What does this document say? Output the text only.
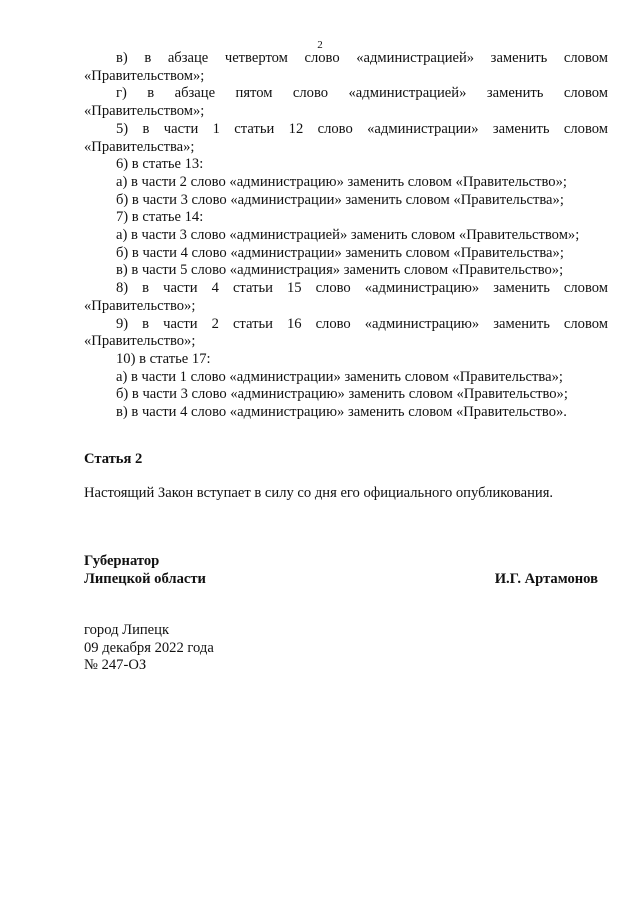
2

в) в абзаце четвертом слово «администрацией» заменить словом

«Правительством»;

г) в абзаце пятом слово «администрацией» заменить словом

«Правительством»;

5) в части 1 статьи 12 слово «администрации» заменить словом

«Правительства»;

6) в статье 13:

а) в части 2 слово «администрацию» заменить словом «Правительство»;

б) в части 3 слово «администрации» заменить словом «Правительства»;

7) в статье 14:

а) в части 3 слово «администрацией» заменить словом «Правительством»;

б) в части 4 слово «администрации» заменить словом «Правительства»;

в) в части 5 слово «администрация» заменить словом «Правительство»;

8) в части 4 статьи 15 слово «администрацию» заменить словом

«Правительство»;

9) в части 2 статьи 16 слово «администрацию» заменить словом

«Правительство»;

10) в статье 17:

а) в части 1 слово «администрации» заменить словом «Правительства»;

б) в части 3 слово «администрацию» заменить словом «Правительство»;

в) в части 4 слово «администрацию» заменить словом «Правительство».

Статья 2
Настоящий Закон вступает в силу со дня его официального опубликования.
Губернатор
Липецкой области	И.Г. Артамонов
город Липецк
09 декабря 2022 года
№ 247-ОЗ
